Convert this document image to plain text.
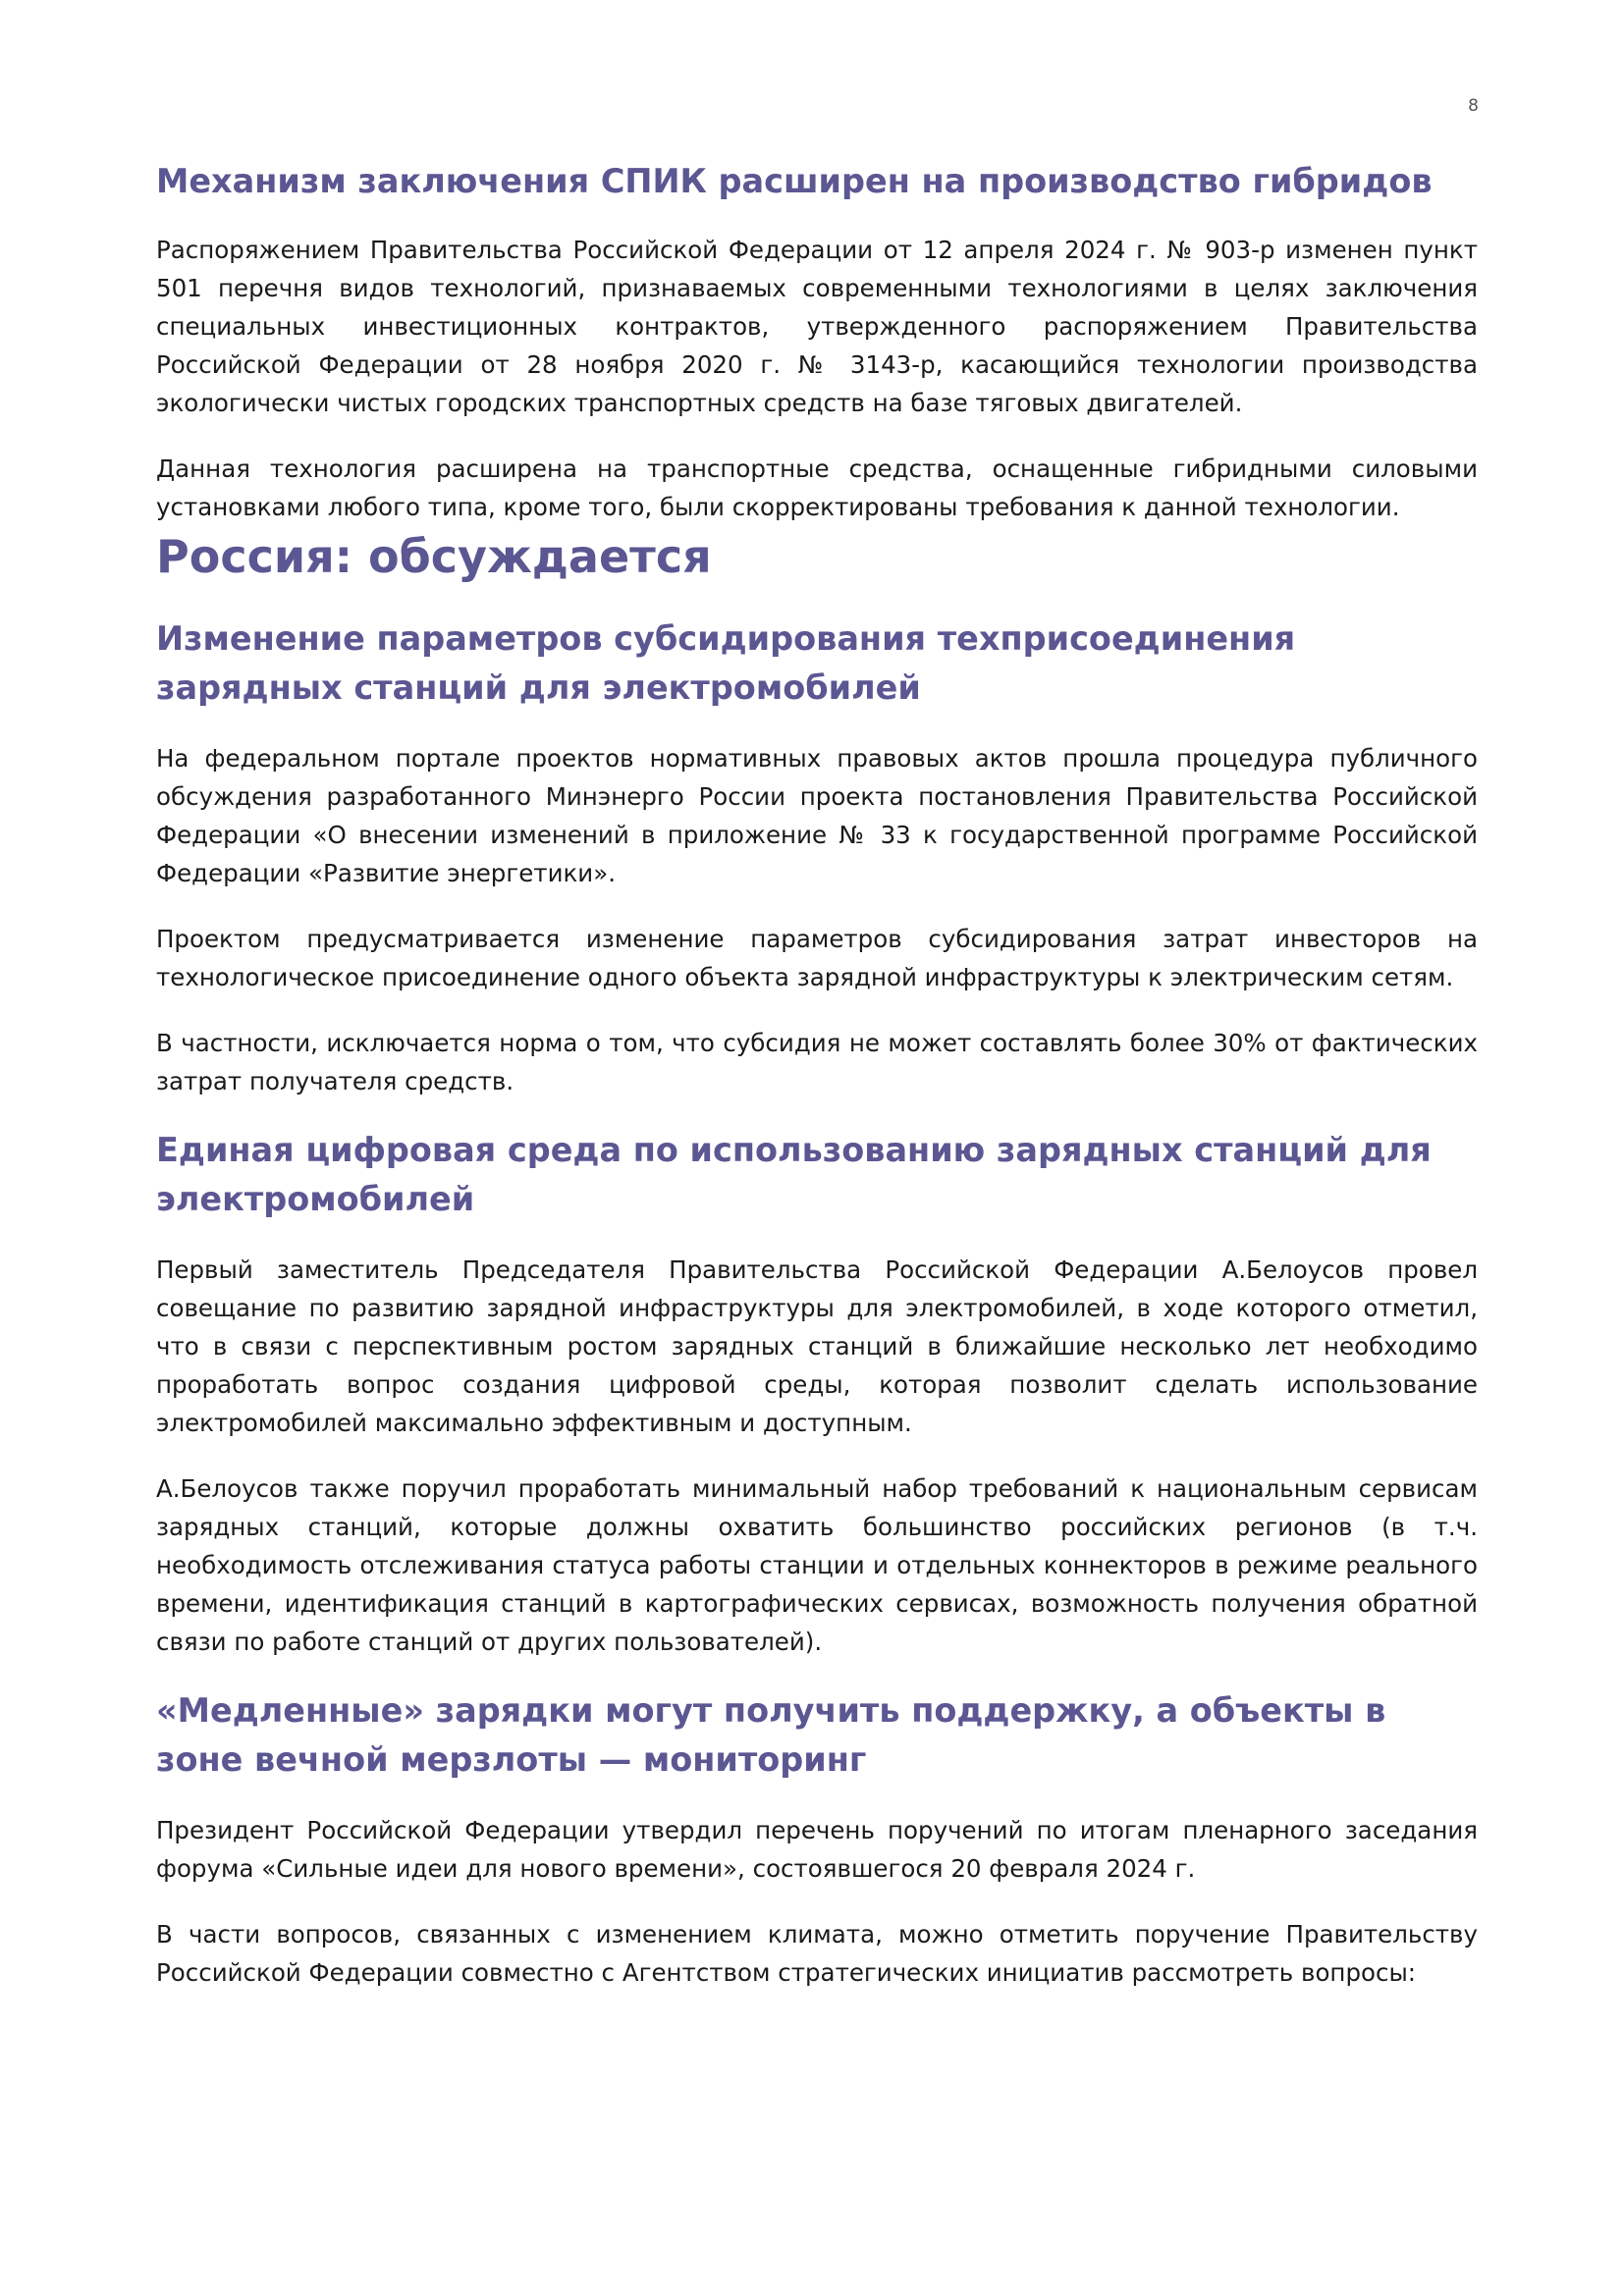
8
Механизм заключения СПИК расширен на производство гибридов

Распоряжением Правительства Российской Федерации от 12 апреля 2024 г. № 903-р изменен пункт 501 перечня видов технологий, признаваемых современными технологиями в целях заключения специальных инвестиционных контрактов, утвержденного распоряжением Правительства Российской Федерации от 28 ноября 2020 г. № 3143-р, касающийся технологии производства экологически чистых городских транспортных средств на базе тяговых двигателей.

Данная технология расширена на транспортные средства, оснащенные гибридными силовыми установками любого типа, кроме того, были скорректированы требования к данной технологии.

Россия: обсуждается
Изменение параметров субсидирования техприсоединения зарядных станций для электромобилей

На федеральном портале проектов нормативных правовых актов прошла процедура публичного обсуждения разработанного Минэнерго России проекта постановления Правительства Российской Федерации «О внесении изменений в приложение № 33 к государственной программе Российской Федерации «Развитие энергетики».

Проектом предусматривается изменение параметров субсидирования затрат инвесторов на технологическое присоединение одного объекта зарядной инфраструктуры к электрическим сетям.

В частности, исключается норма о том, что субсидия не может составлять более 30% от фактических затрат получателя средств.

Единая цифровая среда по использованию зарядных станций для электромобилей

Первый заместитель Председателя Правительства Российской Федерации А.Белоусов провел совещание по развитию зарядной инфраструктуры для электромобилей, в ходе которого отметил, что в связи с перспективным ростом зарядных станций в ближайшие несколько лет необходимо проработать вопрос создания цифровой среды, которая позволит сделать использование электромобилей максимально эффективным и доступным.

А.Белоусов также поручил проработать минимальный набор требований к национальным сервисам зарядных станций, которые должны охватить большинство российских регионов (в т.ч. необходимость отслеживания статуса работы станции и отдельных коннекторов в режиме реального времени, идентификация станций в картографических сервисах, возможность получения обратной связи по работе станций от других пользователей).

«Медленные» зарядки могут получить поддержку, а объекты в зоне вечной мерзлоты — мониторинг

Президент Российской Федерации утвердил перечень поручений по итогам пленарного заседания форума «Сильные идеи для нового времени», состоявшегося 20 февраля 2024 г.

В части вопросов, связанных с изменением климата, можно отметить поручение Правительству Российской Федерации совместно с Агентством стратегических инициатив рассмотреть вопросы:
